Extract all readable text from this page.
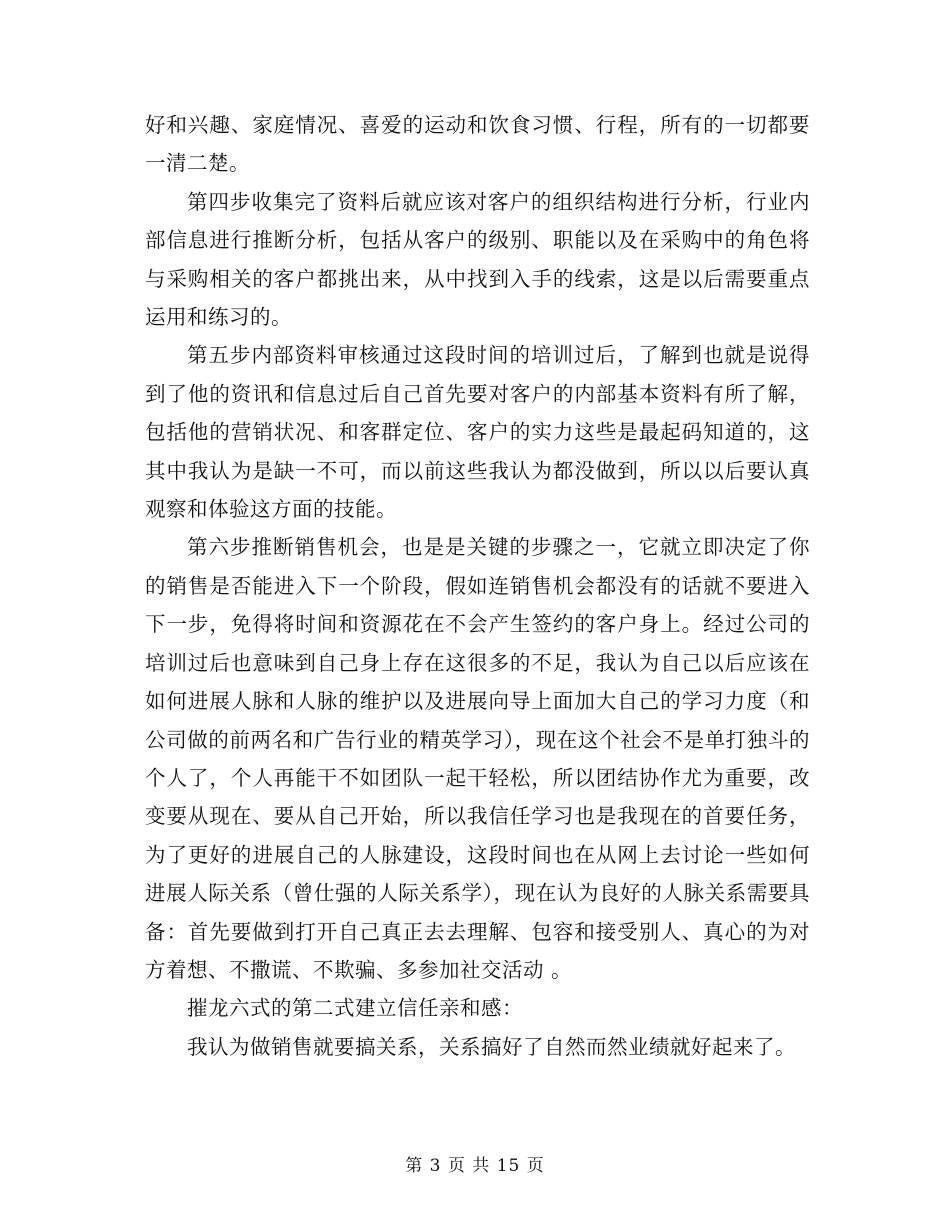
好和兴趣、家庭情况、喜爱的运动和饮食习惯、行程，所有的一切都要一清二楚。

第四步收集完了资料后就应该对客户的组织结构进行分析，行业内部信息进行推断分析，包括从客户的级别、职能以及在采购中的角色将与采购相关的客户都挑出来，从中找到入手的线索，这是以后需要重点运用和练习的。

第五步内部资料审核通过这段时间的培训过后，了解到也就是说得到了他的资讯和信息过后自己首先要对客户的内部基本资料有所了解，包括他的营销状况、和客群定位、客户的实力这些是最起码知道的，这其中我认为是缺一不可，而以前这些我认为都没做到，所以以后要认真观察和体验这方面的技能。

第六步推断销售机会，也是是关键的步骤之一，它就立即决定了你的销售是否能进入下一个阶段，假如连销售机会都没有的话就不要进入下一步，免得将时间和资源花在不会产生签约的客户身上。经过公司的培训过后也意味到自己身上存在这很多的不足，我认为自己以后应该在如何进展人脉和人脉的维护以及进展向导上面加大自己的学习力度（和公司做的前两名和广告行业的精英学习），现在这个社会不是单打独斗的个人了，个人再能干不如团队一起干轻松，所以团结协作尤为重要，改变要从现在、要从自己开始，所以我信任学习也是我现在的首要任务，为了更好的进展自己的人脉建设，这段时间也在从网上去讨论一些如何进展人际关系（曾仕强的人际关系学），现在认为良好的人脉关系需要具备：首先要做到打开自己真正去去理解、包容和接受别人、真心的为对方着想、不撒谎、不欺骗、多参加社交活动 。

摧龙六式的第二式建立信任亲和感：

我认为做销售就要搞关系，关系搞好了自然而然业绩就好起来了。

第 3 页 共 15 页
